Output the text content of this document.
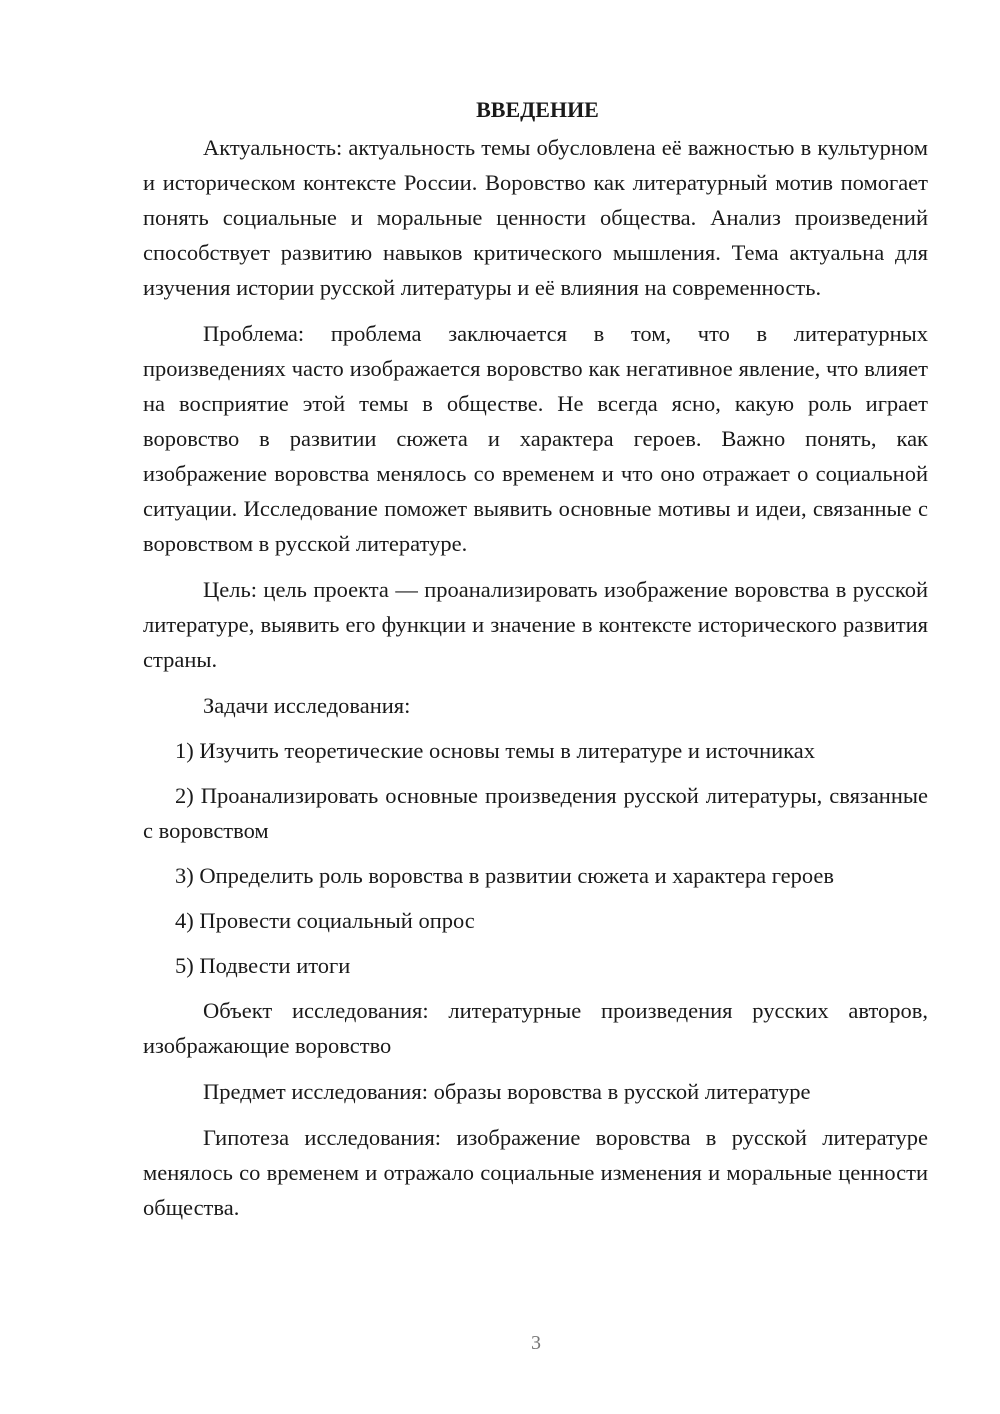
ВВЕДЕНИЕ

Актуальность: актуальность темы обусловлена её важностью в культурном и историческом контексте России. Воровство как литературный мотив помогает понять социальные и моральные ценности общества. Анализ произведений способствует развитию навыков критического мышления. Тема актуальна для изучения истории русской литературы и её влияния на современность.

Проблема: проблема заключается в том, что в литературных произведениях часто изображается воровство как негативное явление, что влияет на восприятие этой темы в обществе. Не всегда ясно, какую роль играет воровство в развитии сюжета и характера героев. Важно понять, как изображение воровства менялось со временем и что оно отражает о социальной ситуации. Исследование поможет выявить основные мотивы и идеи, связанные с воровством в русской литературе.

Цель: цель проекта — проанализировать изображение воровства в русской литературе, выявить его функции и значение в контексте исторического развития страны.

Задачи исследования:

1) Изучить теоретические основы темы в литературе и источниках

2) Проанализировать основные произведения русской литературы, связанные с воровством

3) Определить роль воровства в развитии сюжета и характера героев

4) Провести социальный опрос

5) Подвести итоги

Объект исследования: литературные произведения русских авторов, изображающие воровство

Предмет исследования: образы воровства в русской литературе

Гипотеза исследования: изображение воровства в русской литературе менялось со временем и отражало социальные изменения и моральные ценности общества.

3
